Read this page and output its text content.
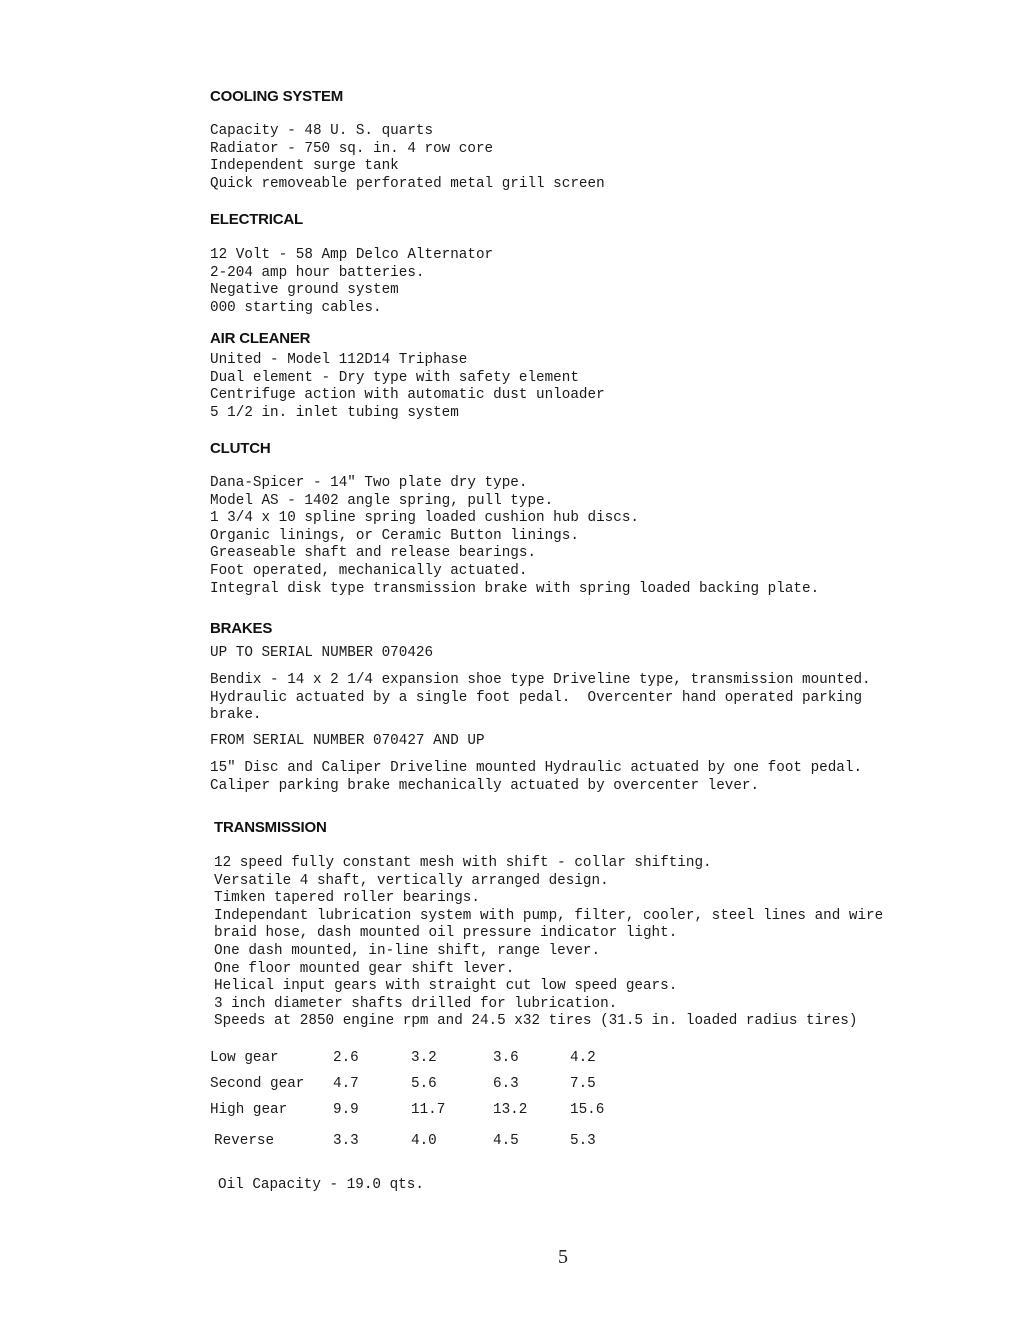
COOLING SYSTEM
Capacity - 48 U. S. quarts
Radiator - 750 sq. in. 4 row core
Independent surge tank
Quick removeable perforated metal grill screen
ELECTRICAL
12 Volt - 58 Amp Delco Alternator
2-204 amp hour batteries.
Negative ground system
000 starting cables.
AIR CLEANER
United - Model 112D14 Triphase
Dual element - Dry type with safety element
Centrifuge action with automatic dust unloader
5 1/2 in. inlet tubing system
CLUTCH
Dana-Spicer - 14" Two plate dry type.
Model AS - 1402 angle spring, pull type.
1 3/4 x 10 spline spring loaded cushion hub discs.
Organic linings, or Ceramic Button linings.
Greaseable shaft and release bearings.
Foot operated, mechanically actuated.
Integral disk type transmission brake with spring loaded backing plate.
BRAKES
UP TO SERIAL NUMBER 070426
Bendix - 14 x 2 1/4 expansion shoe type Driveline type, transmission mounted.
Hydraulic actuated by a single foot pedal.  Overcenter hand operated parking
brake.
FROM SERIAL NUMBER 070427 AND UP
15" Disc and Caliper Driveline mounted Hydraulic actuated by one foot pedal.
Caliper parking brake mechanically actuated by overcenter lever.
TRANSMISSION
12 speed fully constant mesh with shift - collar shifting.
Versatile 4 shaft, vertically arranged design.
Timken tapered roller bearings.
Independant lubrication system with pump, filter, cooler, steel lines and wire braid hose, dash mounted oil pressure indicator light.
One dash mounted, in-line shift, range lever.
One floor mounted gear shift lever.
Helical input gears with straight cut low speed gears.
3 inch diameter shafts drilled for lubrication.
Speeds at 2850 engine rpm and 24.5 x32 tires (31.5 in. loaded radius tires)
Low gear	2.6	3.2	3.6	4.2
Second gear 4.7	5.6	6.3	7.5
High gear	9.9	11.7	13.2	15.6
Reverse	3.3	4.0	4.5	5.3
Oil Capacity - 19.0 qts.
5
